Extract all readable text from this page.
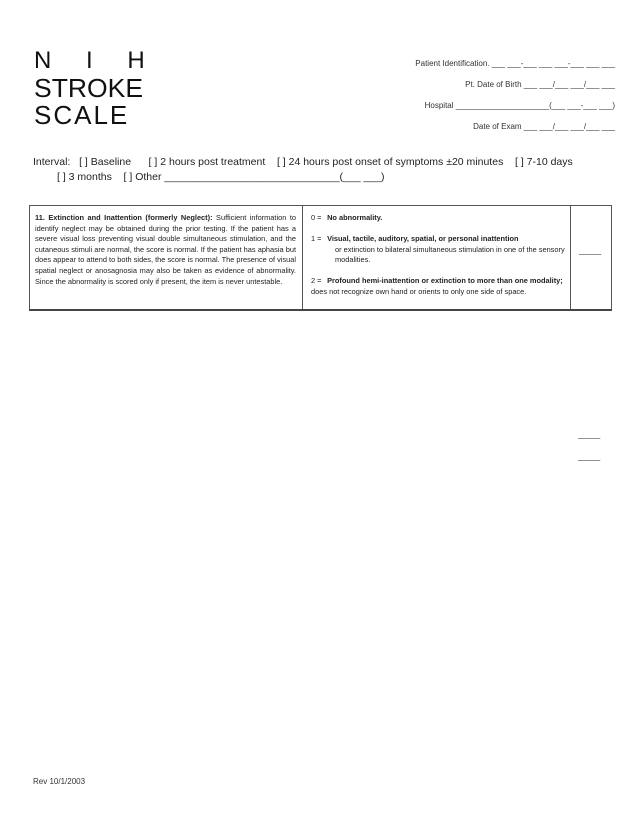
N I H
STROKE
SCALE
Patient Identification. ___ ___-___ ___ ___-___ ___ ___
Pt. Date of Birth ___ ___/___ ___/___ ___
Hospital _____________________(___ ___-___ ___)
Date of Exam ___ ___/___ ___/___ ___
Interval:   [ ] Baseline      [ ] 2 hours post treatment    [ ] 24 hours post onset of symptoms ±20 minutes    [ ] 7-10 days
[ ] 3 months    [ ] Other ______________________________(___ ___)
11. Extinction and Inattention (formerly Neglect): Sufficient information to identify neglect may be obtained during the prior testing. If the patient has a severe visual loss preventing visual double simultaneous stimulation, and the cutaneous stimuli are normal, the score is normal. If the patient has aphasia but does appear to attend to both sides, the score is normal. The presence of visual spatial neglect or anosagnosia may also be taken as evidence of abnormality. Since the abnormality is scored only if present, the item is never untestable.
0 = No abnormality.
1 = Visual, tactile, auditory, spatial, or personal inattention
or extinction to bilateral simultaneous stimulation in one of the sensory modalities.
2 = Profound hemi-inattention or extinction to more than one modality; does not recognize own hand or orients to only one side of space.
_____
_____
_____
Rev 10/1/2003
